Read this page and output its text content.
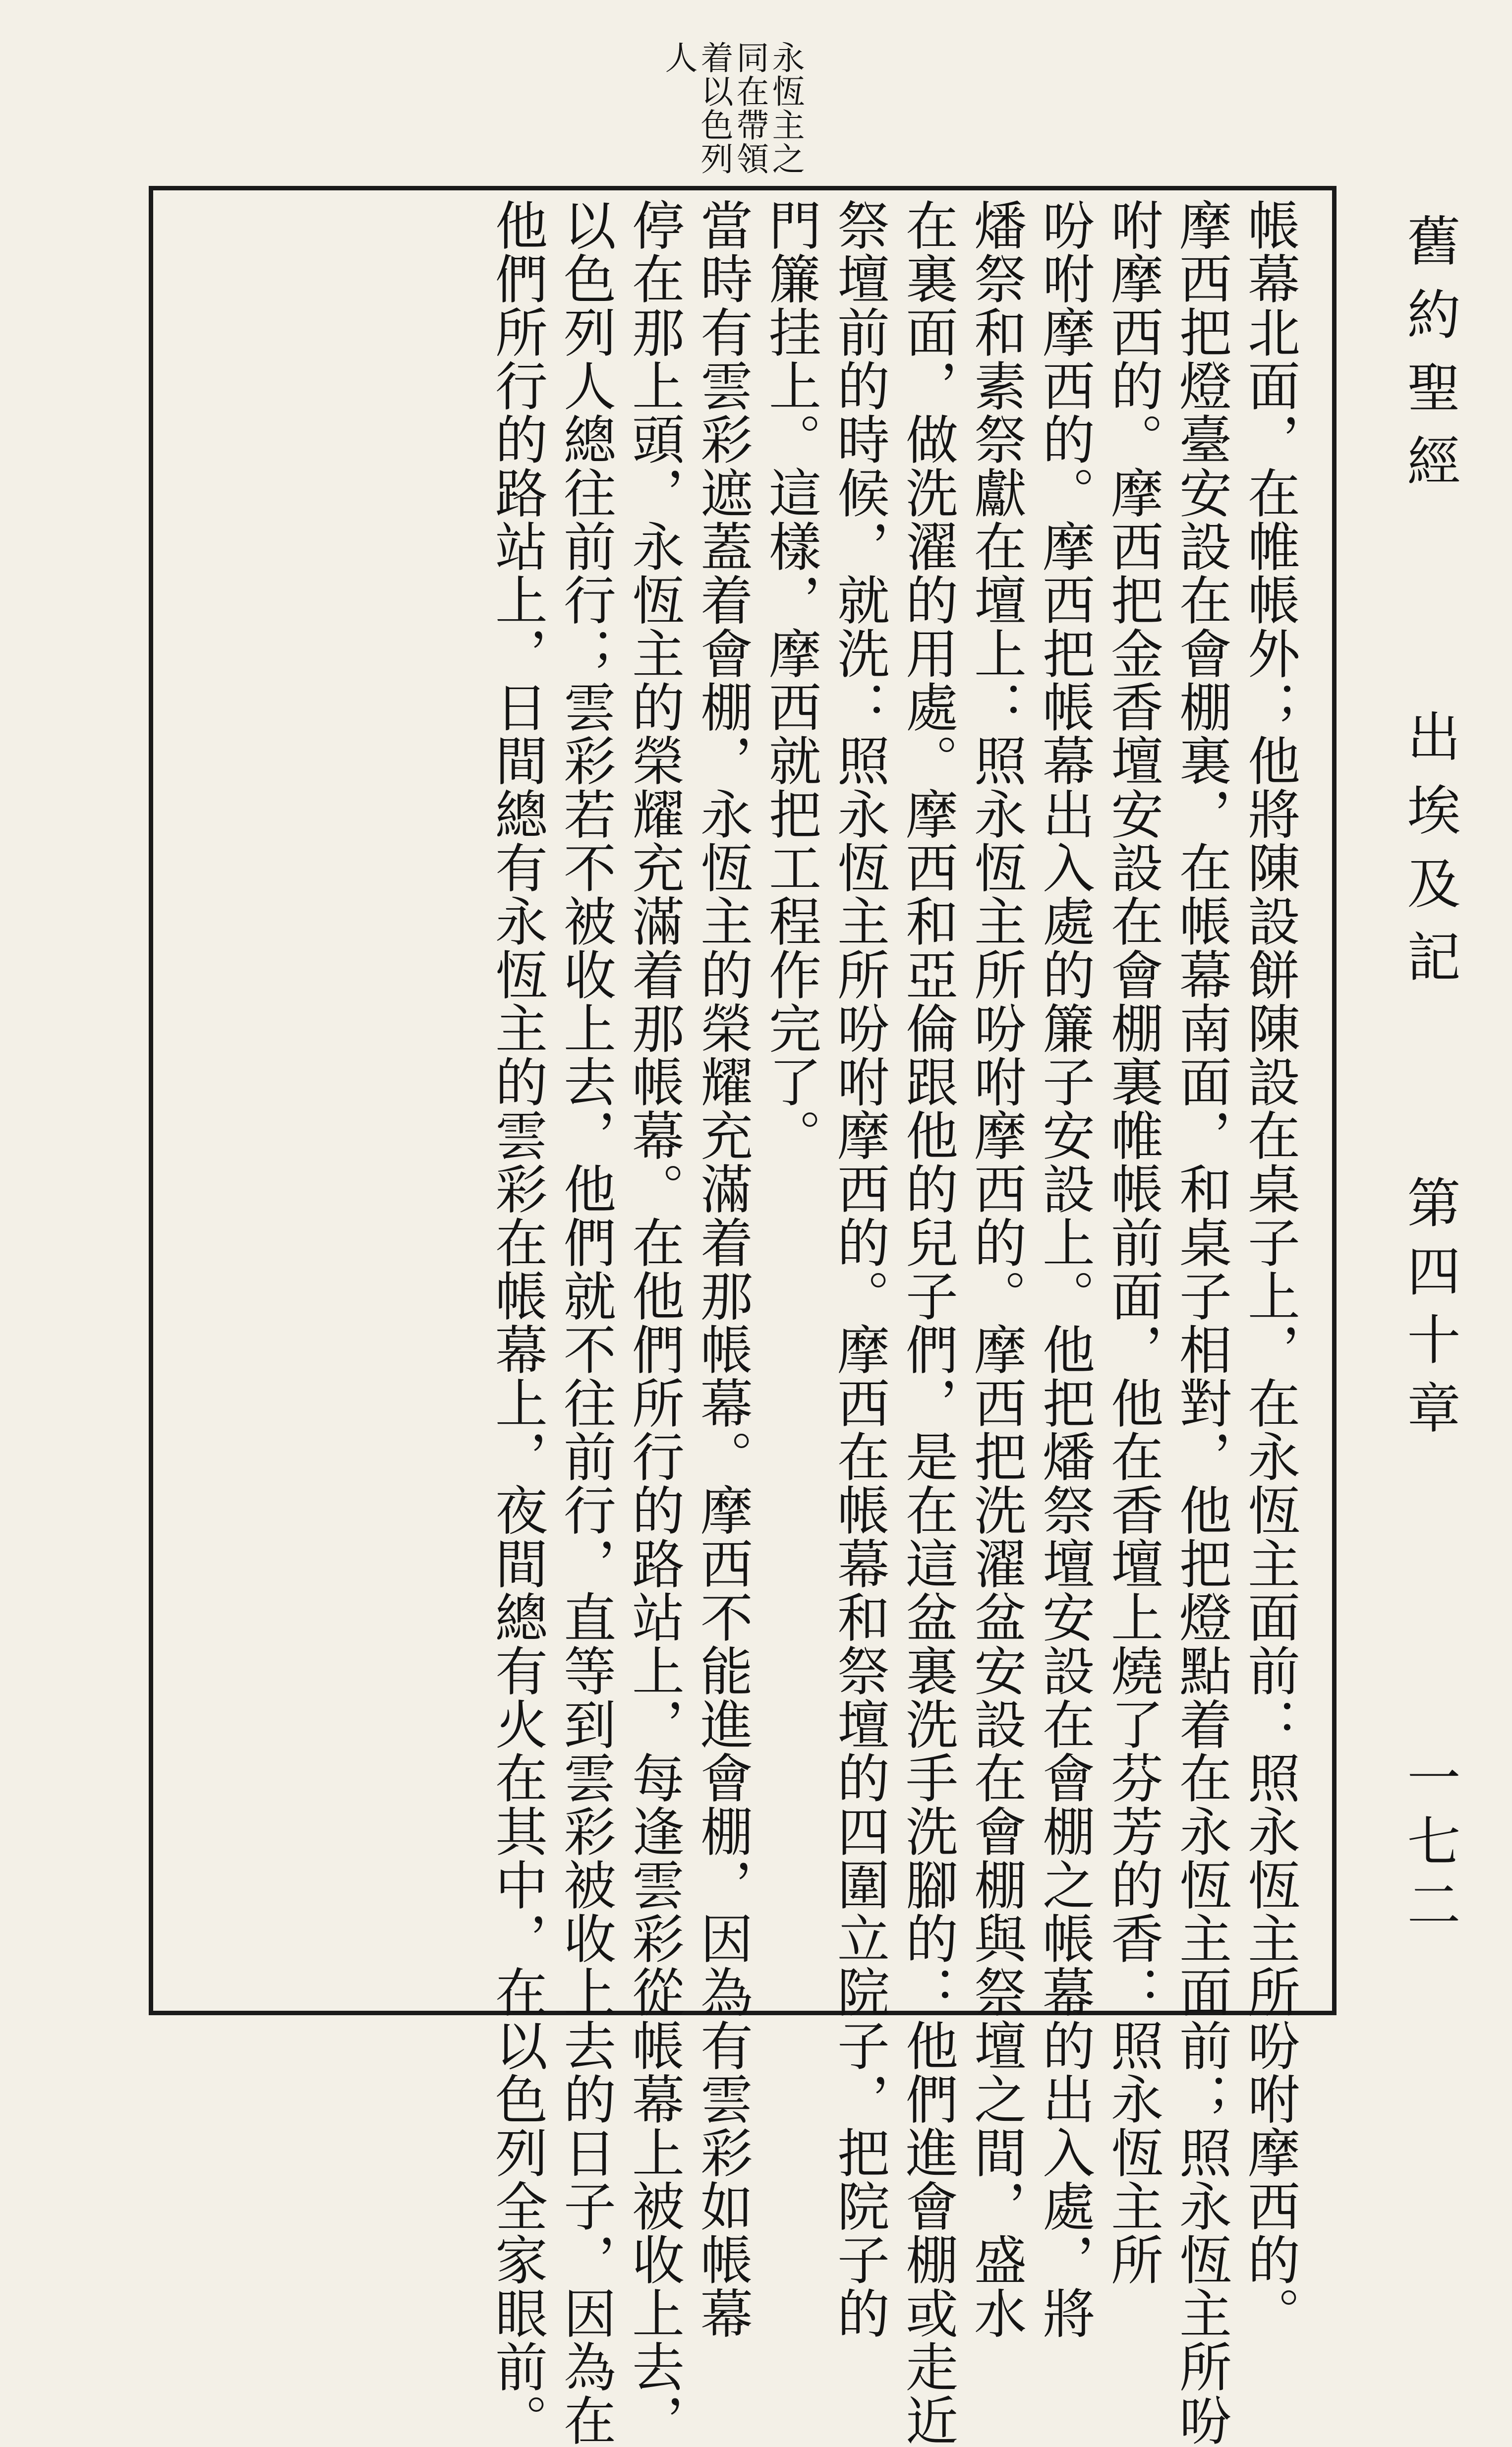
永恆主之
同在帶領
着以色列
人
舊約聖經
出埃及記
第四十章
一七二
帳幕北面，在帷帳外；他將陳設餅陳設在桌子上，在永恆主面前：照永恆主所吩咐摩西的。
摩西把燈臺安設在會棚裏，在帳幕南面，和桌子相對，他把燈點着在永恆主面前；照永恆主所吩
咐摩西的。摩西把金香壇安設在會棚裏帷帳前面，他在香壇上燒了芬芳的香：照永恆主所
吩咐摩西的。摩西把帳幕出入處的簾子安設上。他把燔祭壇安設在會棚之帳幕的出入處，將
燔祭和素祭獻在壇上：照永恆主所吩咐摩西的。摩西把洗濯盆安設在會棚與祭壇之間，盛水
在裏面，做洗濯的用處。摩西和亞倫跟他的兒子們，是在這盆裏洗手洗腳的：他們進會棚或走近
祭壇前的時候，就洗：照永恆主所吩咐摩西的。摩西在帳幕和祭壇的四圍立院子，把院子的
門簾挂上。這樣，摩西就把工程作完了。
當時有雲彩遮蓋着會棚，永恆主的榮耀充滿着那帳幕。摩西不能進會棚，因為有雲彩如帳幕
停在那上頭，永恆主的榮耀充滿着那帳幕。在他們所行的路站上，每逢雲彩從帳幕上被收上去，
以色列人總往前行；雲彩若不被收上去，他們就不往前行，直等到雲彩被收上去的日子，因為在
他們所行的路站上，日間總有永恆主的雲彩在帳幕上，夜間總有火在其中，在以色列全家眼前。
